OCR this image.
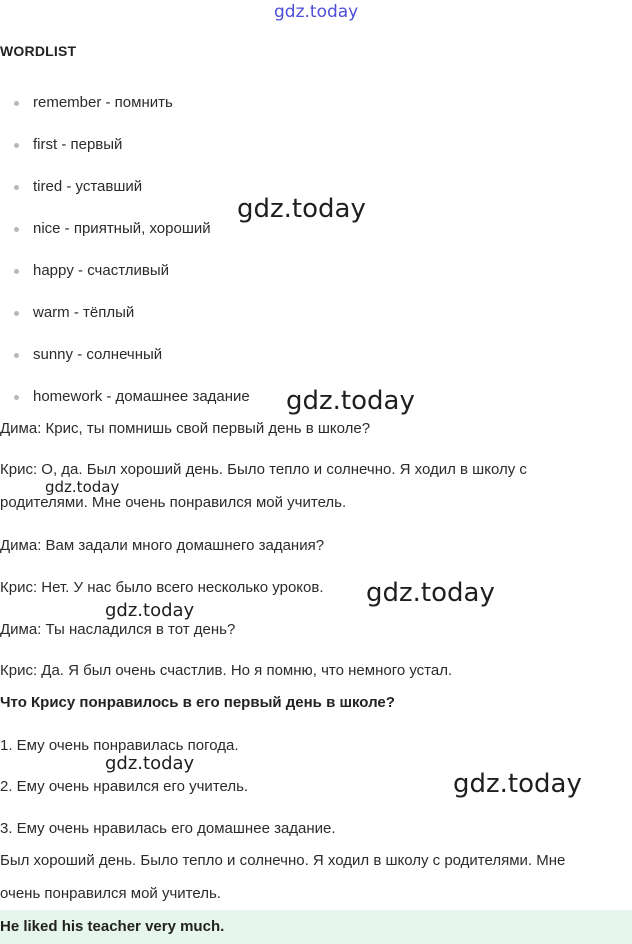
gdz.today
gdz.today
gdz.today
gdz.today
gdz.today
gdz.today
gdz.today
gdz.today
WORDLIST
remember - помнить
first - первый
tired - уставший
nice - приятный, хороший
happy - счастливый
warm - тёплый
sunny - солнечный
homework - домашнее задание
Дима: Крис, ты помнишь свой первый день в школе?
Крис: О, да. Был хороший день. Было тепло и солнечно. Я ходил в школу с
родителями. Мне очень понравился мой учитель.
Дима: Вам задали много домашнего задания?
Крис: Нет. У нас было всего несколько уроков.
Дима: Ты насладился в тот день?
Крис: Да. Я был очень счастлив. Но я помню, что немного устал.
Что Крису понравилось в его первый день в школе?
1. Ему очень понравилась погода.
2. Ему очень нравился его учитель.
3. Ему очень нравилась его домашнее задание.
Был хороший день. Было тепло и солнечно. Я ходил в школу с родителями. Мне
очень понравился мой учитель.
He liked his teacher very much.
